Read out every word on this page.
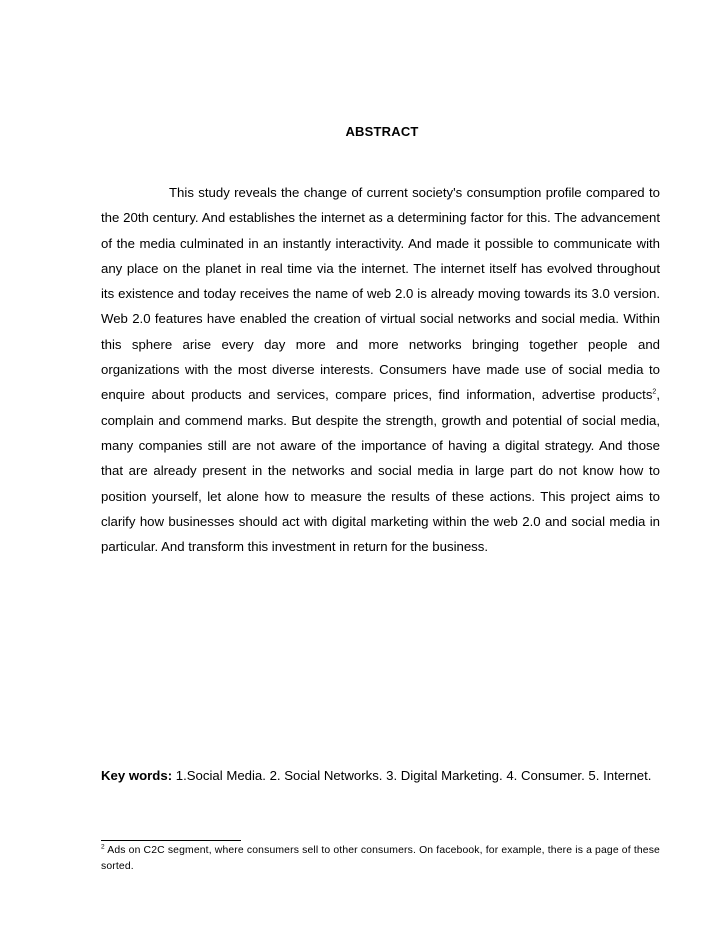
ABSTRACT

This study reveals the change of current society's consumption profile compared to the 20th century. And establishes the internet as a determining factor for this. The advancement of the media culminated in an instantly interactivity. And made it possible to communicate with any place on the planet in real time via the internet. The internet itself has evolved throughout its existence and today receives the name of web 2.0 is already moving towards its 3.0 version. Web 2.0 features have enabled the creation of virtual social networks and social media. Within this sphere arise every day more and more networks bringing together people and organizations with the most diverse interests. Consumers have made use of social media to enquire about products and services, compare prices, find information, advertise products$^2$, complain and commend marks. But despite the strength, growth and potential of social media, many companies still are not aware of the importance of having a digital strategy. And those that are already present in the networks and social media in large part do not know how to position yourself, let alone how to measure the results of these actions. This project aims to clarify how businesses should act with digital marketing within the web 2.0 and social media in particular. And transform this investment in return for the business.

Key words: 1.Social Media. 2. Social Networks. 3. Digital Marketing. 4. Consumer. 5. Internet.

$^2$ Ads on C2C segment, where consumers sell to other consumers. On facebook, for example, there is a page of these sorted.
